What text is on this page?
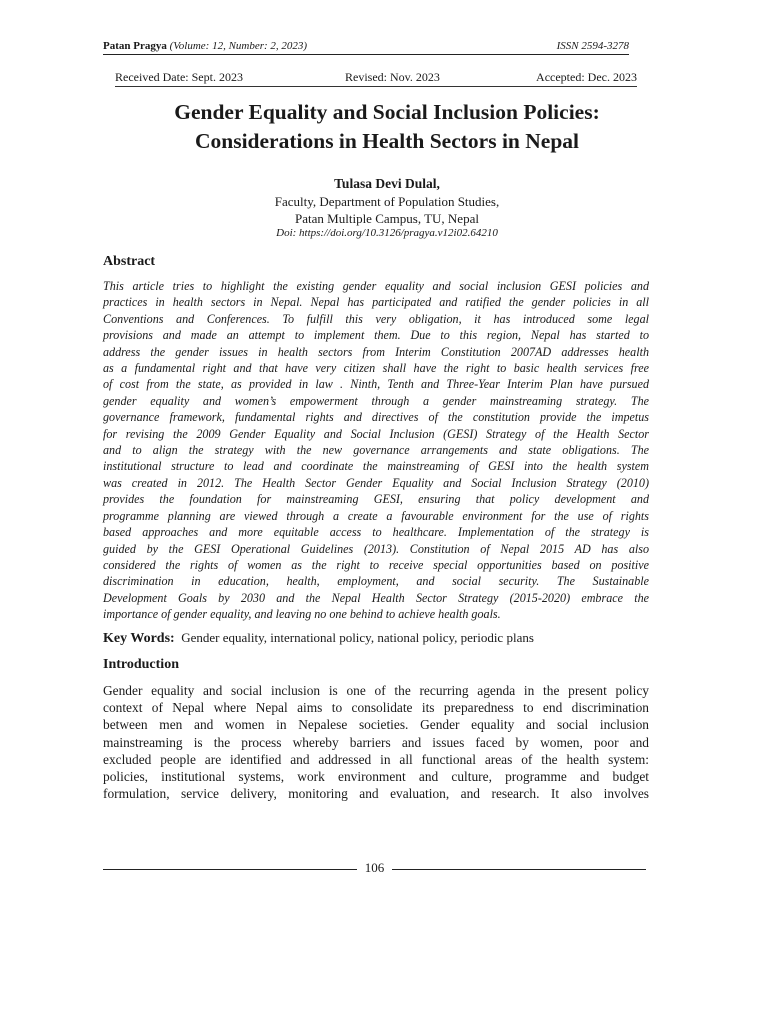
Patan Pragya (Volume: 12, Number: 2, 2023)	ISSN 2594-3278
Received Date: Sept. 2023	Revised: Nov. 2023	Accepted: Dec. 2023
Gender Equality and Social Inclusion Policies:
Considerations in Health Sectors in Nepal
Tulasa Devi Dulal,
Faculty, Department of Population Studies,
Patan Multiple Campus, TU, Nepal
Doi: https://doi.org/10.3126/pragya.v12i02.64210
Abstract
This article tries to highlight the existing gender equality and social inclusion GESI policies and
practices in health sectors in Nepal. Nepal has participated and ratified the gender policies in all
Conventions and Conferences. To fulfill this very obligation, it has introduced some legal
provisions and made an attempt to implement them. Due to this region, Nepal has started to
address the gender issues in health sectors from Interim Constitution 2007AD addresses health
as a fundamental right and that have very citizen shall have the right to basic health services free
of cost from the state, as provided in law . Ninth, Tenth and Three-Year Interim Plan have pursued
gender equality and women’s empowerment through a gender mainstreaming strategy. The
governance framework, fundamental rights and directives of the constitution provide the impetus
for revising the 2009 Gender Equality and Social Inclusion (GESI) Strategy of the Health Sector
and to align the strategy with the new governance arrangements and state obligations. The
institutional structure to lead and coordinate the mainstreaming of GESI into the health system
was created in 2012. The Health Sector Gender Equality and Social Inclusion Strategy (2010)
provides the foundation for mainstreaming GESI, ensuring that policy development and
programme planning are viewed through a create a favourable environment for the use of rights
based approaches and more equitable access to healthcare. Implementation of the strategy is
guided by the GESI Operational Guidelines (2013). Constitution of Nepal 2015 AD has also
considered the rights of women as the right to receive special opportunities based on positive
discrimination in education, health, employment, and social security. The Sustainable
Development Goals by 2030 and the Nepal Health Sector Strategy (2015-2020) embrace the
importance of gender equality, and leaving no one behind to achieve health goals.
Key Words: Gender equality, international policy, national policy, periodic plans
Introduction
Gender equality and social inclusion is one of the recurring agenda in the present policy
context of Nepal where Nepal aims to consolidate its preparedness to end discrimination
between men and women in Nepalese societies. Gender equality and social inclusion
mainstreaming is the process whereby barriers and issues faced by women, poor and
excluded people are identified and addressed in all functional areas of the health system:
policies, institutional systems, work environment and culture, programme and budget
formulation, service delivery, monitoring and evaluation, and research. It also involves
106
